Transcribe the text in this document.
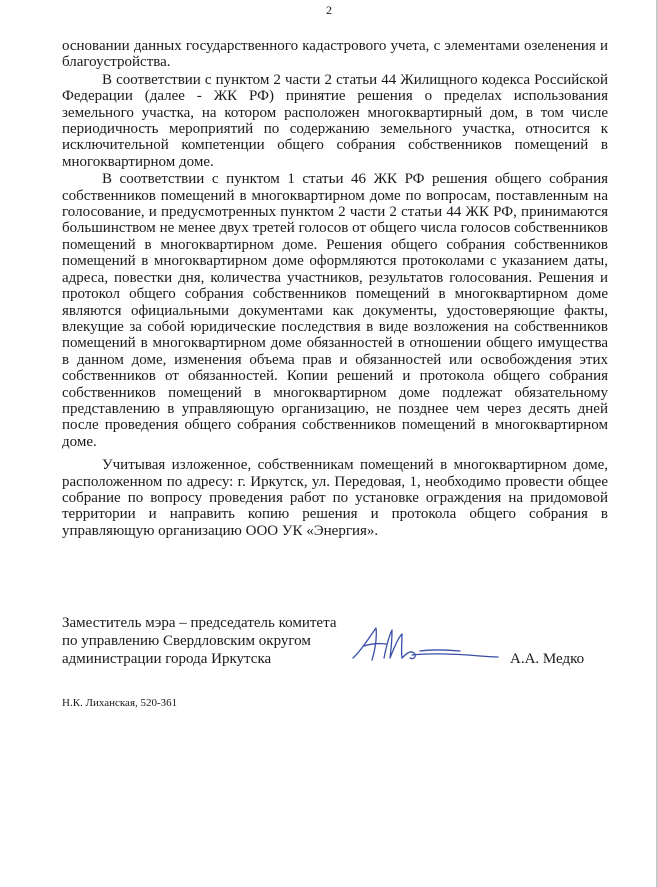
2

основании данных государственного кадастрового учета, с элементами озеленения и благоустройства.

В соответствии с пунктом 2 части 2 статьи 44 Жилищного кодекса Российской Федерации (далее - ЖК РФ) принятие решения о пределах использования земельного участка, на котором расположен многоквартирный дом, в том числе периодичность мероприятий по содержанию земельного участка, относится к исключительной компетенции общего собрания собственников помещений в многоквартирном доме.

В соответствии с пунктом 1 статьи 46 ЖК РФ решения общего собрания собственников помещений в многоквартирном доме по вопросам, поставленным на голосование, и предусмотренных пунктом 2 части 2 статьи 44 ЖК РФ, принимаются большинством не менее двух третей голосов от общего числа голосов собственников помещений в многоквартирном доме. Решения общего собрания собственников помещений в многоквартирном доме оформляются протоколами с указанием даты, адреса, повестки дня, количества участников, результатов голосования. Решения и протокол общего собрания собственников помещений в многоквартирном доме являются официальными документами как документы, удостоверяющие факты, влекущие за собой юридические последствия в виде возложения на собственников помещений в многоквартирном доме обязанностей в отношении общего имущества в данном доме, изменения объема прав и обязанностей или освобождения этих собственников от обязанностей. Копии решений и протокола общего собрания собственников помещений в многоквартирном доме подлежат обязательному представлению в управляющую организацию, не позднее чем через десять дней после проведения общего собрания собственников помещений в многоквартирном доме.

Учитывая изложенное, собственникам помещений в многоквартирном доме, расположенном по адресу: г. Иркутск, ул. Передовая, 1, необходимо провести общее собрание по вопросу проведения работ по установке ограждения на придомовой территории и направить копию решения и протокола общего собрания в управляющую организацию ООО УК «Энергия».

Заместитель мэра – председатель комитета
по управлению Свердловским округом
администрации города Иркутска	А.А. Медко
Н.К. Лиханская, 520-361
